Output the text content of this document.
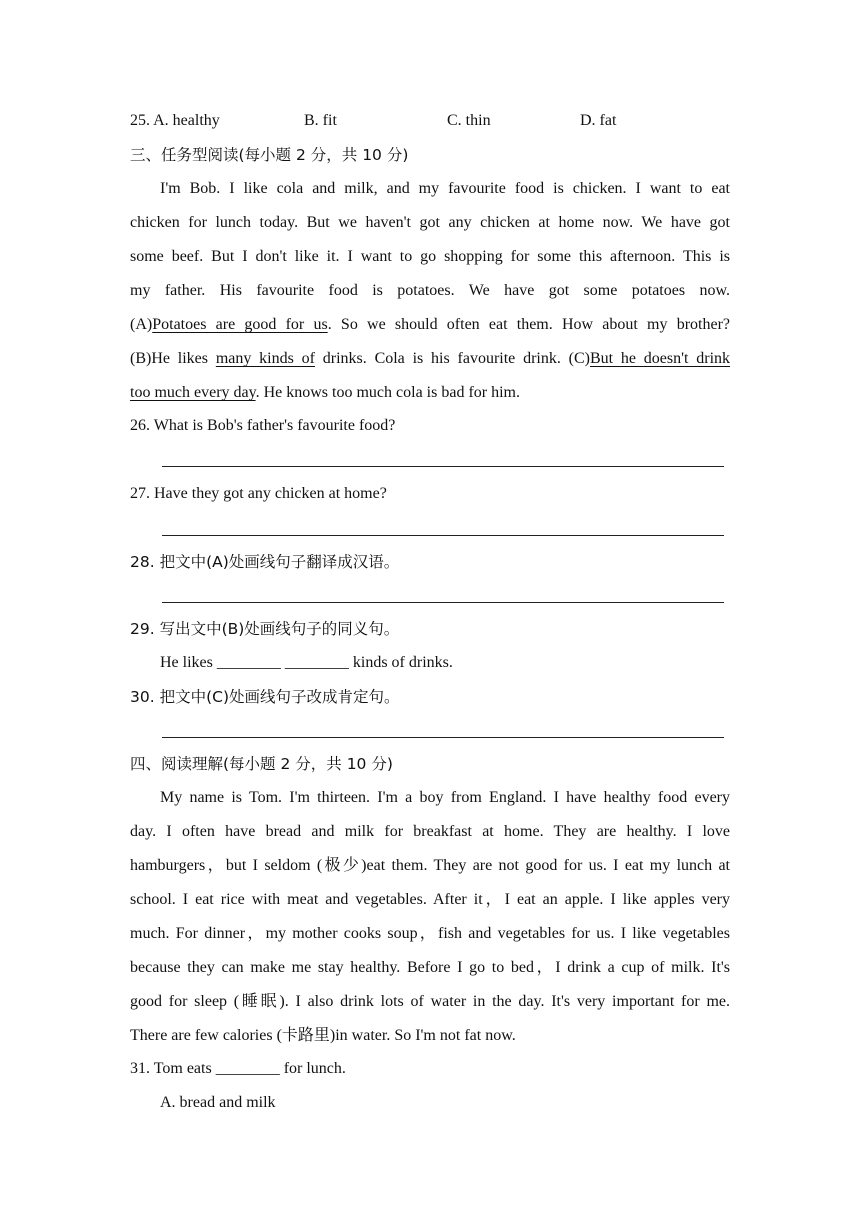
25. A. healthy	B. fit	C. thin	D. fat
三、任务型阅读(每小题 2 分，共 10 分)
I'm Bob. I like cola and milk, and my favourite food is chicken. I want to eat
chicken for lunch today. But we haven't got any chicken at home now. We have got
some beef. But I don't like it. I want to go shopping for some this afternoon. This is
my father. His favourite food is potatoes. We have got some potatoes now.
(A)Potatoes are good for us. So we should often eat them. How about my brother?
(B)He likes many kinds of drinks. Cola is his favourite drink. (C)But he doesn't drink
too much every day. He knows too much cola is bad for him.
26. What is Bob's father's favourite food?
27. Have they got any chicken at home?
28. 把文中(A)处画线句子翻译成汉语。
29. 写出文中(B)处画线句子的同义句。
He likes ________ ________ kinds of drinks.
30. 把文中(C)处画线句子改成肯定句。
四、阅读理解(每小题 2 分，共 10 分)
My name is Tom. I'm thirteen. I'm a boy from England. I have healthy food every
day. I often have bread and milk for breakfast at home. They are healthy. I love
hamburgers，but I seldom (极少)eat them. They are not good for us. I eat my lunch at
school. I eat rice with meat and vegetables. After it，I eat an apple. I like apples very
much. For dinner，my mother cooks soup，fish and vegetables for us. I like vegetables
because they can make me stay healthy. Before I go to bed，I drink a cup of milk. It's
good for sleep (睡眠). I also drink lots of water in the day. It's very important for me.
There are few calories (卡路里)in water. So I'm not fat now.
31. Tom eats ________ for lunch.
A. bread and milk
